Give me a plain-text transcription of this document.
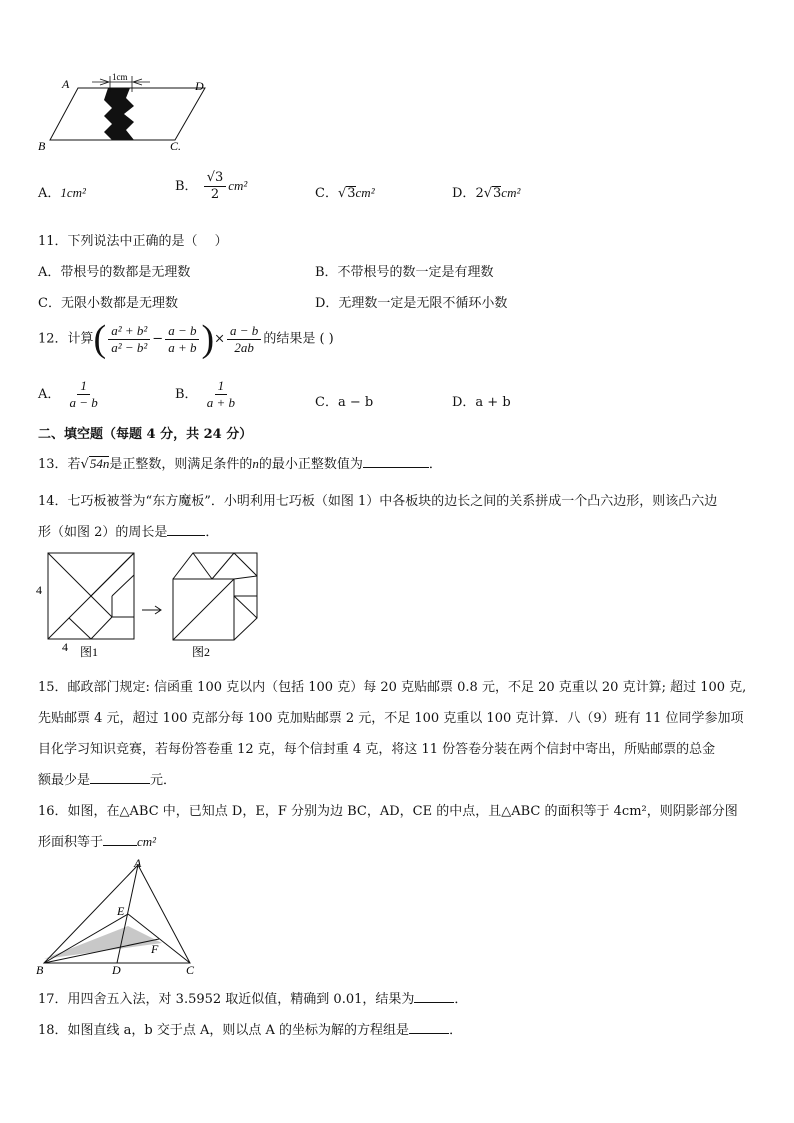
A	D
B	C.
1cm
A．1cm²	B． $\frac{√3}{2} cm^2$
C．√3cm²	D．2√3cm²
11．下列说法中正确的是（　 ）
A．带根号的数都是无理数	B．不带根号的数一定是有理数
C．无限小数都是无理数	D．无理数一定是无限不循环小数
12．计算( $\frac{\text{a² + b²}}{\text{a² − b²}} - \frac{a - b}{a + b}$ )× $\frac{a - b}{2ab}$ 的结果是 ( )
A． $\frac{1}{a - b}$	B． $\frac{1}{a + b}$	C．a − b	D．a + b
二、填空题（每题 4 分，共 24 分）
13．若√54n是正整数，则满足条件的n的最小正整数值为	．
14．七巧板被誉为“东方魔板”．小明利用七巧板（如图 1）中各板块的边长之间的关系拼成一个凸六边形，则该凸六边
形（如图 2）的周长是	．
4
4 图1	图2
15．邮政部门规定: 信函重 100 克以内（包括 100 克）每 20 克贴邮票 0.8 元，不足 20 克重以 20 克计算; 超过 100 克,
先贴邮票 4 元，超过 100 克部分每 100 克加贴邮票 2 元，不足 100 克重以 100 克计算．八（9）班有 11 位同学参加项
目化学习知识竞赛，若每份答卷重 12 克，每个信封重 4 克，将这 11 份答卷分装在两个信封中寄出，所贴邮票的总金
额最少是	元．
16．如图，在△ABC 中，已知点 D，E，F 分别为边 BC，AD，CE 的中点，且△ABC 的面积等于 4cm²，则阴影部分图
形面积等于	cm²
A
B	C
D
E
F
17．用四舍五入法，对 3.5952 取近似值，精确到 0.01，结果为	．
18．如图直线 a，b 交于点 A，则以点 A 的坐标为解的方程组是	．
